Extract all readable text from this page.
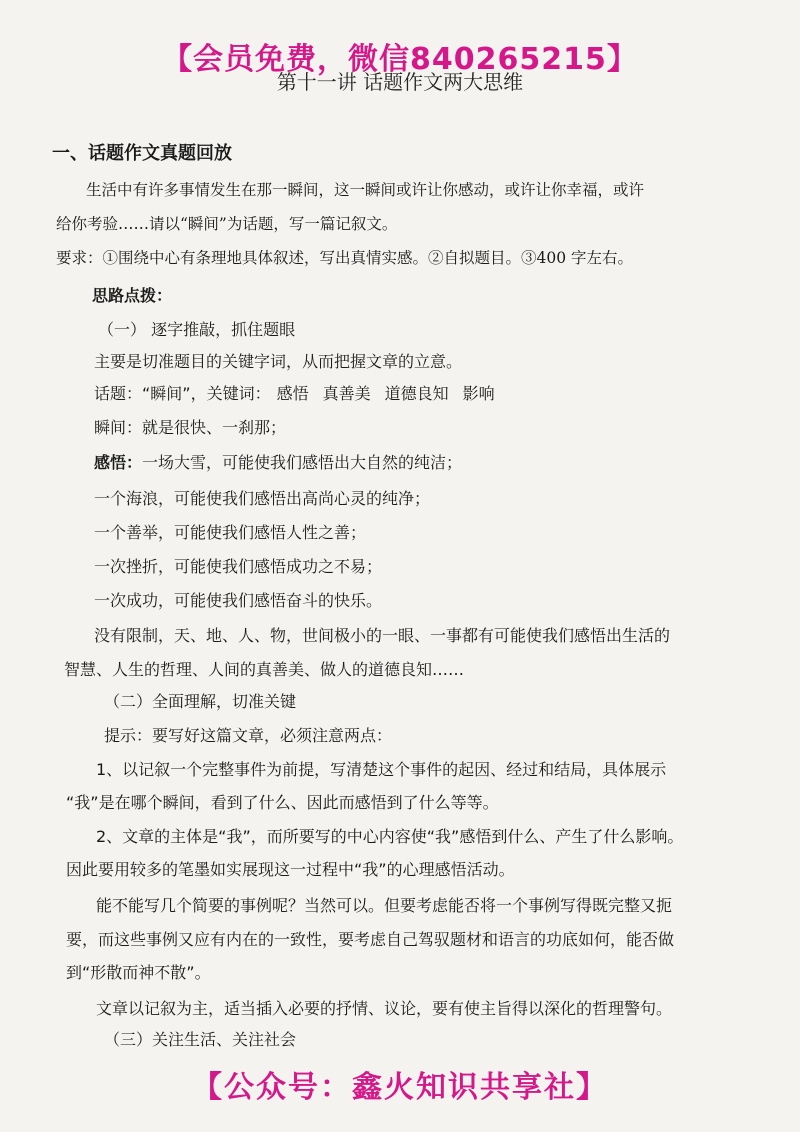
【会员免费，微信840265215】
第十一讲 话题作文两大思维
一、话题作文真题回放
生活中有许多事情发生在那一瞬间，这一瞬间或许让你感动，或许让你幸福，或许
给你考验……请以“瞬间”为话题，写一篇记叙文。
要求：①围绕中心有条理地具体叙述，写出真情实感。②自拟题目。③400 字左右。
思路点拨：
（一） 逐字推敲，抓住题眼
主要是切准题目的关键字词，从而把握文章的立意。
话题：“瞬间”，关键词： 感悟 真善美 道德良知 影响
瞬间：就是很快、一刹那；
感悟：一场大雪，可能使我们感悟出大自然的纯洁；
一个海浪，可能使我们感悟出高尚心灵的纯净；
一个善举，可能使我们感悟人性之善；
一次挫折，可能使我们感悟成功之不易；
一次成功，可能使我们感悟奋斗的快乐。
没有限制，天、地、人、物，世间极小的一眼、一事都有可能使我们感悟出生活的
智慧、人生的哲理、人间的真善美、做人的道德良知……
（二）全面理解，切准关键
提示：要写好这篇文章，必须注意两点：
1、以记叙一个完整事件为前提，写清楚这个事件的起因、经过和结局，具体展示
“我”是在哪个瞬间，看到了什么、因此而感悟到了什么等等。
2、文章的主体是“我”，而所要写的中心内容使“我”感悟到什么、产生了什么影响。
因此要用较多的笔墨如实展现这一过程中“我”的心理感悟活动。
能不能写几个简要的事例呢？当然可以。但要考虑能否将一个事例写得既完整又扼
要，而这些事例又应有内在的一致性，要考虑自己驾驭题材和语言的功底如何，能否做
到“形散而神不散”。
文章以记叙为主，适当插入必要的抒情、议论，要有使主旨得以深化的哲理警句。
（三）关注生活、关注社会
【公众号：鑫火知识共享社】
